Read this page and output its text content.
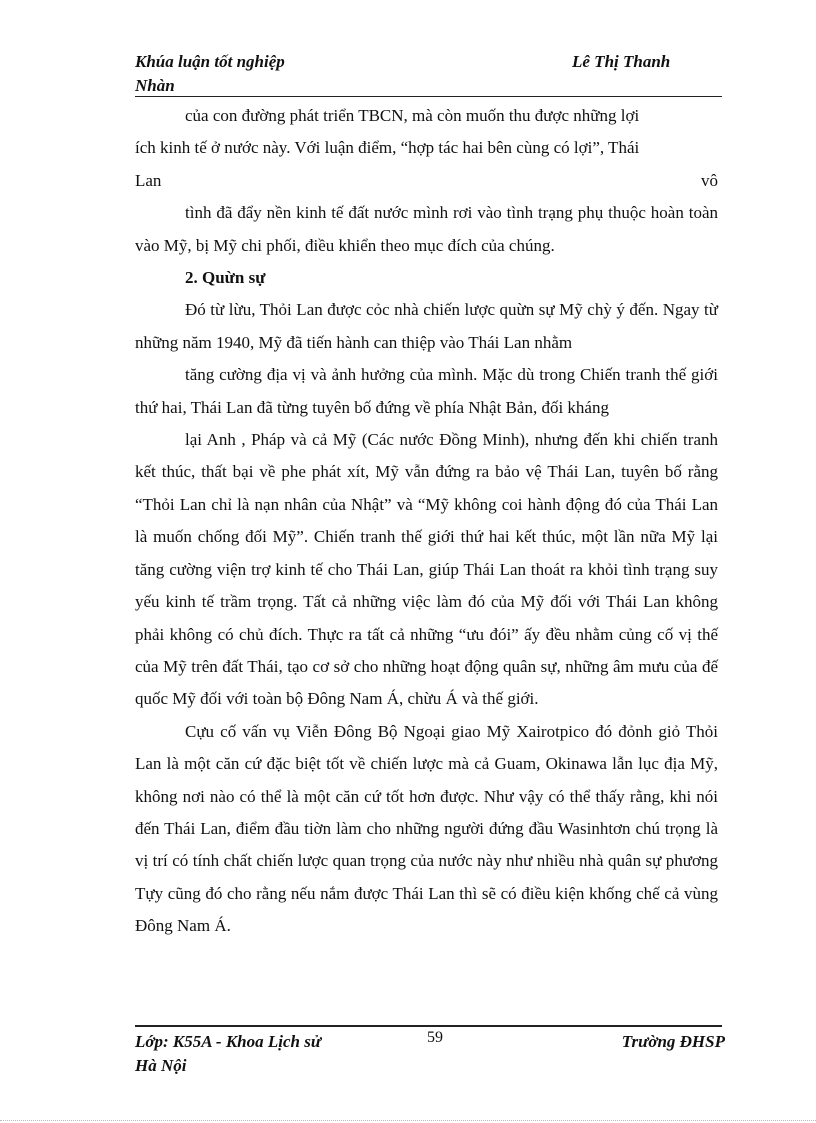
Khúa luận tốt nghiệp
Nhàn
Lê Thị Thanh

của con đường phát triển TBCN, mà còn muốn thu được những lợi

ích kinh tế ở nước này. Với luận điểm, “hợp tác hai bên cùng có lợi”, Thái

Lan	vô

tình đã đẩy nền kinh tế đất nước mình rơi vào tình trạng phụ thuộc hoàn toàn vào Mỹ, bị Mỹ chi phối, điều khiển theo mục đích của chúng.

2. Quừn sự

Đó từ lừu, Thỏi Lan được cỏc nhà chiến lược quừn sự Mỹ chỳ ý đến. Ngay từ những năm 1940, Mỹ đã tiến hành can thiệp vào Thái Lan nhằm

tăng cường địa vị và ảnh hưởng của mình. Mặc dù trong Chiến tranh thế giới thứ hai, Thái Lan đã từng tuyên bố đứng về phía Nhật Bản, đối kháng

lại Anh , Pháp và cả Mỹ (Các nước Đồng Minh), nhưng đến khi chiến tranh kết thúc, thất bại về phe phát xít, Mỹ vẫn đứng ra bảo vệ Thái Lan, tuyên bố rằng “Thỏi Lan chỉ là nạn nhân của Nhật” và “Mỹ không coi hành động đó của Thái Lan là muốn chống đối Mỹ”. Chiến tranh thế giới thứ hai kết thúc, một lần nữa Mỹ lại tăng cường viện trợ kinh tế cho Thái Lan, giúp Thái Lan thoát ra khỏi tình trạng suy yếu kinh tế trầm trọng. Tất cả những việc làm đó của Mỹ đối với Thái Lan không phải không có chủ đích. Thực ra tất cả những “ưu đói” ấy đều nhằm củng cố vị thế của Mỹ trên đất Thái, tạo cơ sở cho những hoạt động quân sự, những âm mưu của đế quốc Mỹ đối với toàn bộ Đông Nam Á, chừu Á và thế giới.

Cựu cố vấn vụ Viễn Đông Bộ Ngoại giao Mỹ Xairotpico đó đỏnh giỏ Thỏi Lan là một căn cứ đặc biệt tốt về chiến lược mà cả Guam, Okinawa lẫn lục địa Mỹ, không nơi nào có thể là một căn cứ tốt hơn được. Như vậy có thể thấy rằng, khi nói đến Thái Lan, điểm đầu tiờn làm cho những người đứng đầu Wasinhtơn chú trọng là vị trí có tính chất chiến lược quan trọng của nước này như nhiều nhà quân sự phương Tựy cũng đó cho rằng nếu nắm được Thái Lan thì sẽ có điều kiện khống chế cả vùng Đông Nam Á.

Lớp: K55A - Khoa Lịch sử
Hà Nội
59	Trường ĐHSP
